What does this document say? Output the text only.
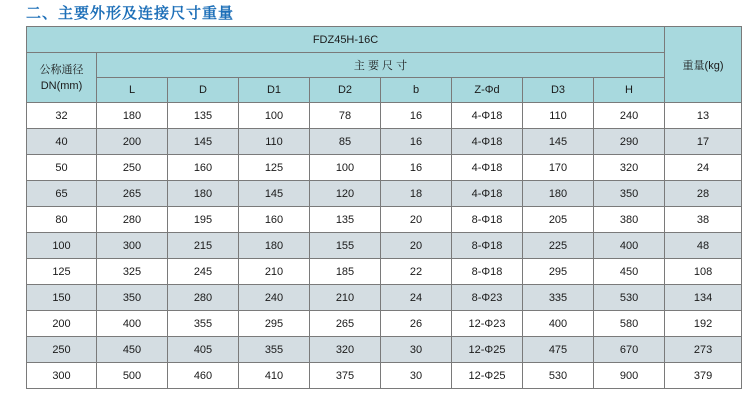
二、主要外形及连接尺寸重量
FDZ45H-16C									重量(kg)

公称通径
DN(mm)	主 要 尺 寸								
	L	D	D1	D2	b	Z-Φd	D3	H	
32	180	135	100	78	16	4-Φ18	110	240	13
40	200	145	110	85	16	4-Φ18	145	290	17
50	250	160	125	100	16	4-Φ18	170	320	24
65	265	180	145	120	18	4-Φ18	180	350	28
80	280	195	160	135	20	8-Φ18	205	380	38
100	300	215	180	155	20	8-Φ18	225	400	48
125	325	245	210	185	22	8-Φ18	295	450	108
150	350	280	240	210	24	8-Φ23	335	530	134
200	400	355	295	265	26	12-Φ23	400	580	192
250	450	405	355	320	30	12-Φ25	475	670	273
300	500	460	410	375	30	12-Φ25	530	900	379
